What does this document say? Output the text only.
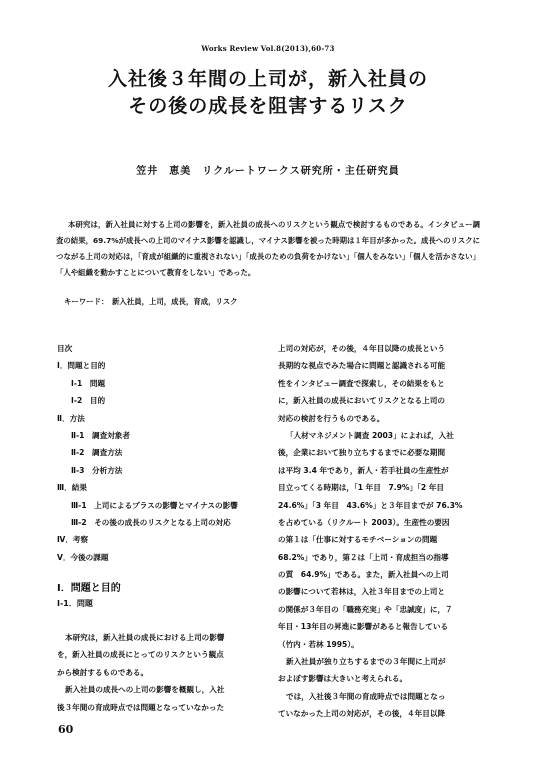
Works Review Vol.8(2013),60-73
入社後３年間の上司が，新入社員の
その後の成長を阻害するリスク
笠井　恵美　リクルートワークス研究所・主任研究員

本研究は，新入社員に対する上司の影響を，新入社員の成長へのリスクという観点で検討するものである。インタビュー調査の結果，69.7%が成長への上司のマイナス影響を認識し，マイナス影響を被った時期は１年目が多かった。成長へのリスクにつながる上司の対応は，「育成が組織的に重視されない」「成長のための負荷をかけない」「個人をみない」「個人を活かさない」「人や組織を動かすことについて教育をしない」であった。

キーワード：　新入社員，上司，成長，育成，リスク
目次
Ⅰ．問題と目的
Ⅰ-1　問題
Ⅰ-2　目的
Ⅱ．方法
Ⅱ-1　調査対象者
Ⅱ-2　調査方法
Ⅱ-3　分析方法
Ⅲ．結果
Ⅲ-1　上司によるプラスの影響とマイナスの影響
Ⅲ-2　その後の成長のリスクとなる上司の対応
Ⅳ．考察
Ⅴ．今後の課題
Ⅰ．問題と目的
Ⅰ-1．問題
本研究は，新入社員の成長における上司の影響
を，新入社員の成長にとってのリスクという観点
から検討するものである。
新入社員の成長への上司の影響を概観し，入社
後３年間の育成時点では問題となっていなかった
上司の対応が，その後，４年目以降の成長という
長期的な視点でみた場合に問題と認識される可能
性をインタビュー調査で探索し，その結果をもと
に，新入社員の成長においてリスクとなる上司の
対応の検討を行うものである。
「人材マネジメント調査 2003」によれば，入社
後，企業において独り立ちするまでに必要な期間
は平均 3.4 年であり，新人・若手社員の生産性が
目立ってくる時期は，「1 年目　7.9%」「2 年目
24.6%」「3 年目　43.6%」と３年目までが 76.3%
を占めている（リクルート 2003）。生産性の要因
の第１は「仕事に対するモチベーションの問題
68.2%」であり，第２は「上司・育成担当の指導
の質　64.9%」である。また，新入社員への上司
の影響について若林は，入社３年目までの上司と
の関係が３年目の「職務充実」や「忠誠度」に，７
年目・13年目の昇進に影響があると報告している
（竹内・若林 1995）。
新入社員が独り立ちするまでの３年間に上司が
およぼす影響は大きいと考えられる。
では，入社後３年間の育成時点では問題となっ
ていなかった上司の対応が，その後，４年目以降
60
